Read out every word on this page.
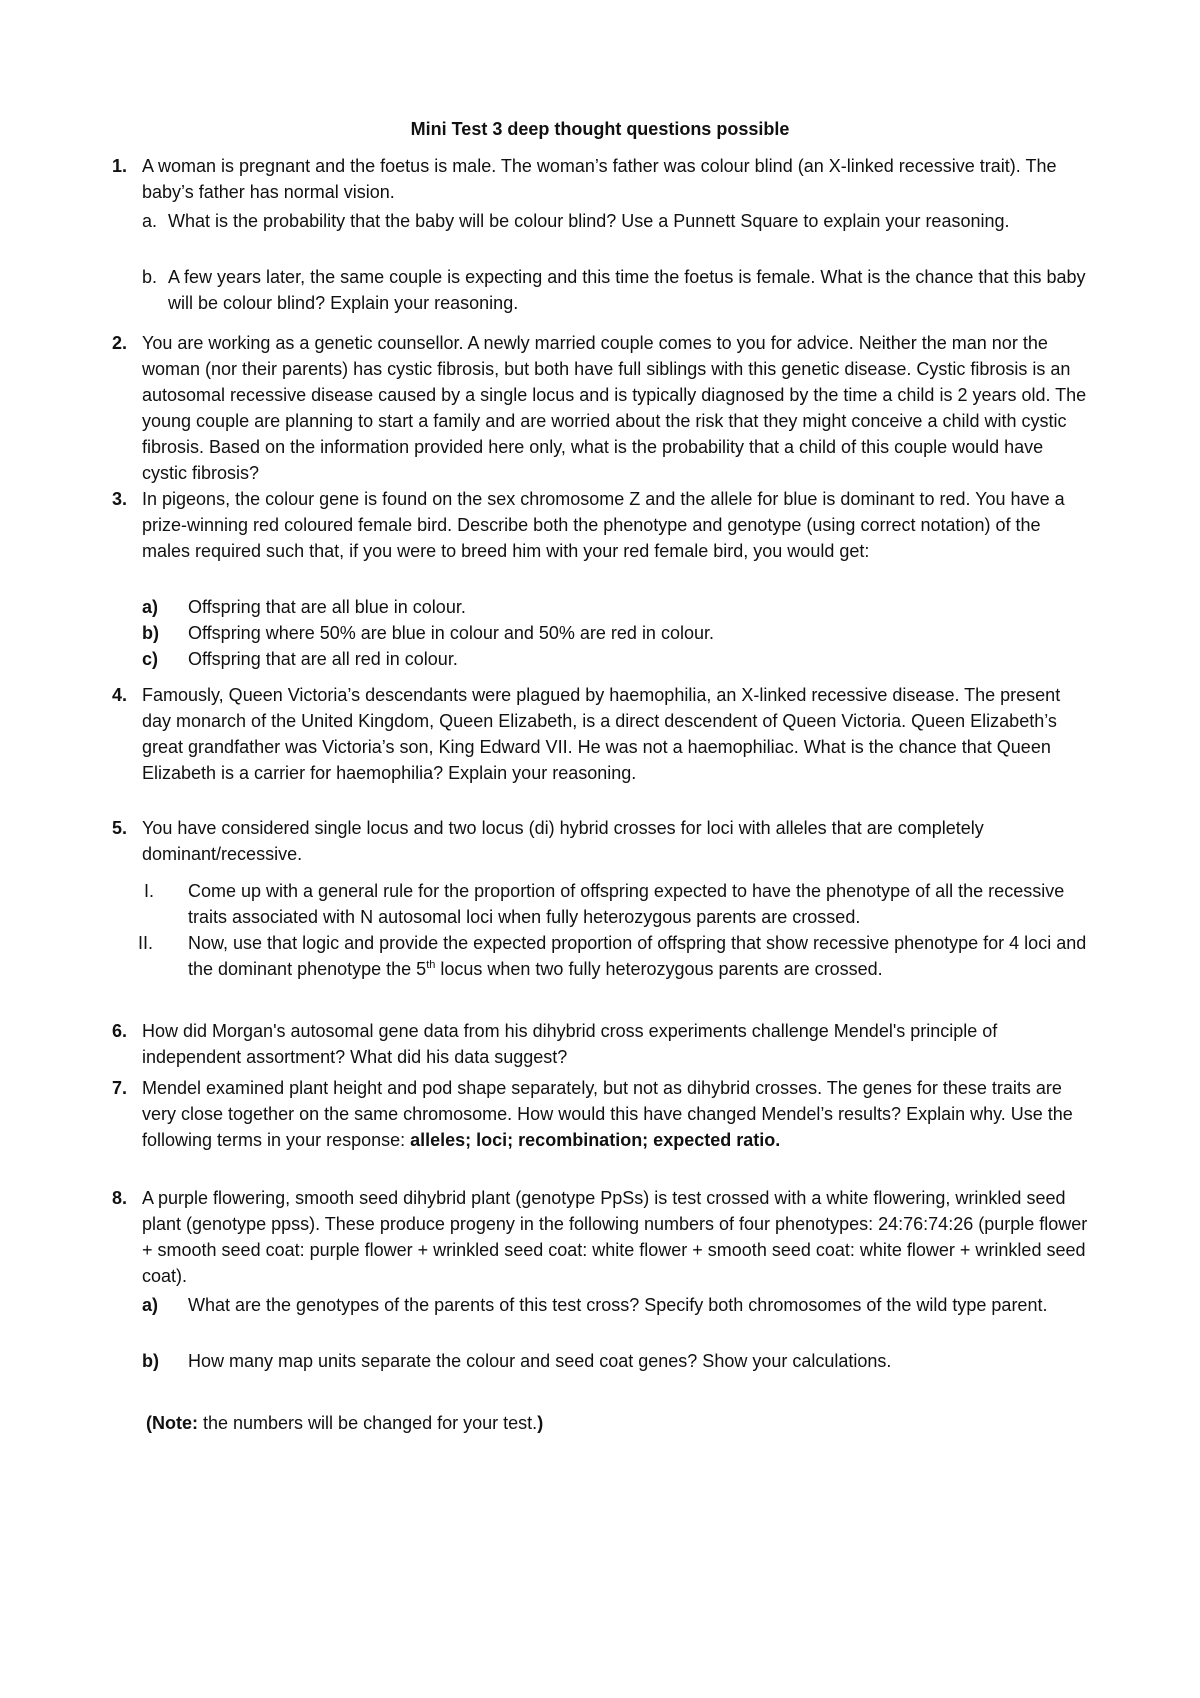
Mini Test 3 deep thought questions possible
1. A woman is pregnant and the foetus is male. The woman’s father was colour blind (an X-linked recessive trait). The baby’s father has normal vision.
a. What is the probability that the baby will be colour blind? Use a Punnett Square to explain your reasoning.
b. A few years later, the same couple is expecting and this time the foetus is female. What is the chance that this baby will be colour blind? Explain your reasoning.
2. You are working as a genetic counsellor. A newly married couple comes to you for advice. Neither the man nor the woman (nor their parents) has cystic fibrosis, but both have full siblings with this genetic disease. Cystic fibrosis is an autosomal recessive disease caused by a single locus and is typically diagnosed by the time a child is 2 years old. The young couple are planning to start a family and are worried about the risk that they might conceive a child with cystic fibrosis. Based on the information provided here only, what is the probability that a child of this couple would have cystic fibrosis?
3. In pigeons, the colour gene is found on the sex chromosome Z and the allele for blue is dominant to red. You have a prize-winning red coloured female bird. Describe both the phenotype and genotype (using correct notation) of the males required such that, if you were to breed him with your red female bird, you would get:
a) Offspring that are all blue in colour.
b) Offspring where 50% are blue in colour and 50% are red in colour.
c) Offspring that are all red in colour.
4. Famously, Queen Victoria’s descendants were plagued by haemophilia, an X-linked recessive disease. The present day monarch of the United Kingdom, Queen Elizabeth, is a direct descendent of Queen Victoria. Queen Elizabeth’s great grandfather was Victoria’s son, King Edward VII. He was not a haemophiliac. What is the chance that Queen Elizabeth is a carrier for haemophilia? Explain your reasoning.
5. You have considered single locus and two locus (di) hybrid crosses for loci with alleles that are completely dominant/recessive.
I. Come up with a general rule for the proportion of offspring expected to have the phenotype of all the recessive traits associated with N autosomal loci when fully heterozygous parents are crossed.
II. Now, use that logic and provide the expected proportion of offspring that show recessive phenotype for 4 loci and the dominant phenotype the 5th locus when two fully heterozygous parents are crossed.
6. How did Morgan's autosomal gene data from his dihybrid cross experiments challenge Mendel's principle of independent assortment? What did his data suggest?
7. Mendel examined plant height and pod shape separately, but not as dihybrid crosses. The genes for these traits are very close together on the same chromosome. How would this have changed Mendel’s results? Explain why. Use the following terms in your response: alleles; loci; recombination; expected ratio.
8. A purple flowering, smooth seed dihybrid plant (genotype PpSs) is test crossed with a white flowering, wrinkled seed plant (genotype ppss). These produce progeny in the following numbers of four phenotypes: 24:76:74:26 (purple flower + smooth seed coat: purple flower + wrinkled seed coat: white flower + smooth seed coat: white flower + wrinkled seed coat).
a) What are the genotypes of the parents of this test cross? Specify both chromosomes of the wild type parent.
b) How many map units separate the colour and seed coat genes? Show your calculations.
(Note: the numbers will be changed for your test.)
